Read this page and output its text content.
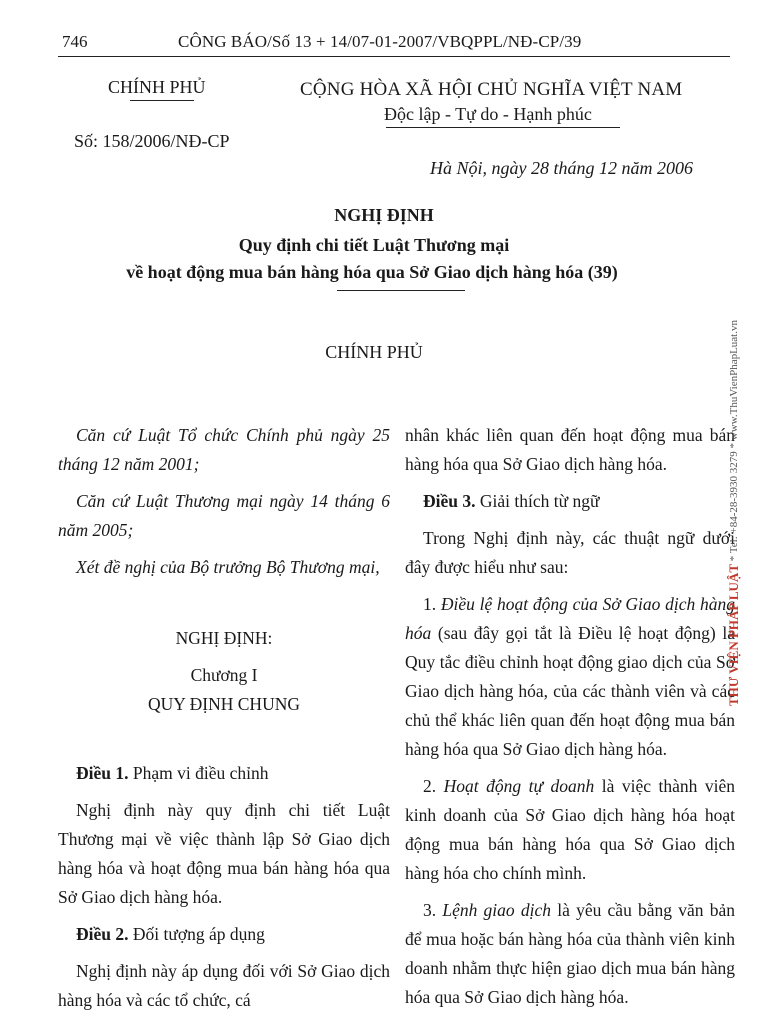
746	CÔNG BÁO/Số 13 + 14/07-01-2007/VBQPPL/NĐ-CP/39
CHÍNH PHỦ	CỘNG HÒA XÃ HỘI CHỦ NGHĨA VIỆT NAM
Độc lập - Tự do - Hạnh phúc
Số: 158/2006/NĐ-CP
Hà Nội, ngày 28 tháng 12 năm 2006
NGHỊ ĐỊNH
Quy định chi tiết Luật Thương mại
về hoạt động mua bán hàng hóa qua Sở Giao dịch hàng hóa (39)
CHÍNH PHỦ

Căn cứ Luật Tổ chức Chính phủ ngày 25 tháng 12 năm 2001;

Căn cứ Luật Thương mại ngày 14 tháng 6 năm 2005;

Xét đề nghị của Bộ trưởng Bộ Thương mại,

NGHỊ ĐỊNH:

Chương I

QUY ĐỊNH CHUNG

Điều 1. Phạm vi điều chỉnh

Nghị định này quy định chi tiết Luật Thương mại về việc thành lập Sở Giao dịch hàng hóa và hoạt động mua bán hàng hóa qua Sở Giao dịch hàng hóa.

Điều 2. Đối tượng áp dụng

Nghị định này áp dụng đối với Sở Giao dịch hàng hóa và các tổ chức, cá

nhân khác liên quan đến hoạt động mua bán hàng hóa qua Sở Giao dịch hàng hóa.

Điều 3. Giải thích từ ngữ

Trong Nghị định này, các thuật ngữ dưới đây được hiểu như sau:

1. Điều lệ hoạt động của Sở Giao dịch hàng hóa (sau đây gọi tắt là Điều lệ hoạt động) là Quy tắc điều chỉnh hoạt động giao dịch của Sở Giao dịch hàng hóa, của các thành viên và các chủ thể khác liên quan đến hoạt động mua bán hàng hóa qua Sở Giao dịch hàng hóa.

2. Hoạt động tự doanh là việc thành viên kinh doanh của Sở Giao dịch hàng hóa hoạt động mua bán hàng hóa qua Sở Giao dịch hàng hóa cho chính mình.

3. Lệnh giao dịch là yêu cầu bằng văn bản để mua hoặc bán hàng hóa của thành viên kinh doanh nhằm thực hiện giao dịch mua bán hàng hóa qua Sở Giao dịch hàng hóa.

THƯ VIỆN PHÁP LUẬT * Tel: +84-28-3930 3279 * www.ThuVienPhapLuat.vn
